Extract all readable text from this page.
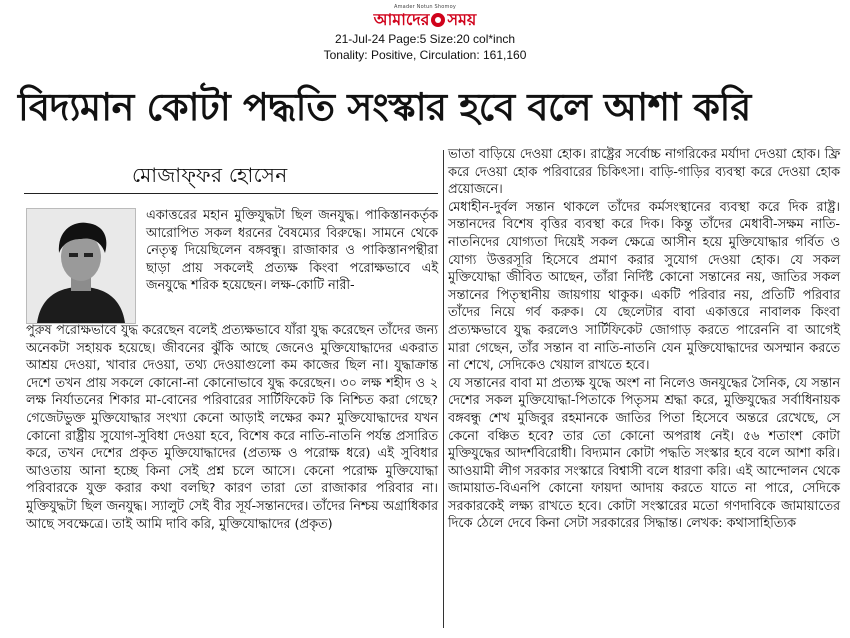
Amader Notun Shomoy
আমাদের সময়
21-Jul-24 Page:5 Size:20 col*inch
Tonality: Positive, Circulation: 161,160
বিদ্যমান কোটা পদ্ধতি সংস্কার হবে বলে আশা করি
মোজাফ্ফর হোসেন

একাত্তরের মহান মুক্তিযুদ্ধটা ছিল জনযুদ্ধ। পাকিস্তানকর্তৃক আরোপিত সকল ধরনের বৈষম্যের বিরুদ্ধে। সামনে থেকে নেতৃত্ব দিয়েছিলেন বঙ্গবন্ধু। রাজাকার ও পাকিস্তানপন্থীরা ছাড়া প্রায় সকলেই প্রত্যক্ষ কিংবা পরোক্ষভাবে এই জনযুদ্ধে শরিক হয়েছেন। লক্ষ-কোটি নারী-

পুরুষ পরোক্ষভাবে যুদ্ধ করেছেন বলেই প্রত্যক্ষভাবে যাঁরা যুদ্ধ করেছেন তাঁদের জন্য অনেকটা সহায়ক হয়েছে। জীবনের ঝুঁকি আছে জেনেও মুক্তিযোদ্ধাদের একরাত আশ্রয় দেওয়া, খাবার দেওয়া, তথ্য দেওয়াগুলো কম কাজের ছিল না। যুদ্ধাক্রান্ত দেশে তখন প্রায় সকলে কোনো-না কোনোভাবে যুদ্ধ করেছেন। ৩০ লক্ষ শহীদ ও ২ লক্ষ নির্যাতনের শিকার মা-বোনের পরিবারের সার্টিফিকেট কি নিশ্চিত করা গেছে? গেজেটভুক্ত মুক্তিযোদ্ধার সংখ্যা কেনো আড়াই লক্ষের কম? মুক্তিযোদ্ধাদের যখন কোনো রাষ্ট্রীয় সুযোগ-সুবিধা দেওয়া হবে, বিশেষ করে নাতি-নাতনি পর্যন্ত প্রসারিত করে, তখন দেশের প্রকৃত মুক্তিযোদ্ধাদের (প্রত্যক্ষ ও পরোক্ষ ধরে) এই সুবিধার আওতায় আনা হচ্ছে কিনা সেই প্রশ্ন চলে আসে। কেনো পরোক্ষ মুক্তিযোদ্ধা পরিবারকে যুক্ত করার কথা বলছি? কারণ তারা তো রাজাকার পরিবার না। মুক্তিযুদ্ধটা ছিল জনযুদ্ধ। স্যালুট সেই বীর সূর্য-সন্তানদের। তাঁদের নিশ্চয় অগ্রাধিকার আছে সবক্ষেত্রে। তাই আমি দাবি করি, মুক্তিযোদ্ধাদের (প্রকৃত)

ভাতা বাড়িয়ে দেওয়া হোক। রাষ্ট্রের সর্বোচ্চ নাগরিকের মর্যাদা দেওয়া হোক। ফ্রি করে দেওয়া হোক পরিবারের চিকিৎসা। বাড়ি-গাড়ির ব্যবস্থা করে দেওয়া হোক প্রয়োজনে।

মেধাহীন-দুর্বল সন্তান থাকলে তাঁদের কর্মসংস্থানের ব্যবস্থা করে দিক রাষ্ট্র। সন্তানদের বিশেষ বৃত্তির ব্যবস্থা করে দিক। কিন্তু তাঁদের মেধাবী-সক্ষম নাতি-নাতনিদের যোগ্যতা দিয়েই সকল ক্ষেত্রে আসীন হয়ে মুক্তিযোদ্ধার গর্বিত ও যোগ্য উত্তরসূরি হিসেবে প্রমাণ করার সুযোগ দেওয়া হোক। যে সকল মুক্তিযোদ্ধা জীবিত আছেন, তাঁরা নির্দিষ্ট কোনো সন্তানের নয়, জাতির সকল সন্তানের পিতৃস্থানীয় জায়গায় থাকুক। একটি পরিবার নয়, প্রতিটি পরিবার তাঁদের নিয়ে গর্ব করুক। যে ছেলেটার বাবা একাত্তরে নাবালক কিংবা প্রত্যক্ষভাবে যুদ্ধ করলেও সার্টিফিকেট জোগাড় করতে পারেননি বা আগেই মারা গেছেন, তাঁর সন্তান বা নাতি-নাতনি যেন মুক্তিযোদ্ধাদের অসম্মান করতে না শেখে, সেদিকেও খেয়াল রাখতে হবে।

যে সন্তানের বাবা মা প্রত্যক্ষ যুদ্ধে অংশ না নিলেও জনযুদ্ধের সৈনিক, যে সন্তান দেশের সকল মুক্তিযোদ্ধা-পিতাকে পিতৃসম শ্রদ্ধা করে, মুক্তিযুদ্ধের সর্বাধিনায়ক বঙ্গবন্ধু শেখ মুজিবুর রহমানকে জাতির পিতা হিসেবে অন্তরে রেখেছে, সে কেনো বঞ্চিত হবে? তার তো কোনো অপরাধ নেই। ৫৬ শতাংশ কোটা মুক্তিযুদ্ধের আদর্শবিরোধী। বিদ্যমান কোটা পদ্ধতি সংস্কার হবে বলে আশা করি। আওয়ামী লীগ সরকার সংস্কারে বিশ্বাসী বলে ধারণা করি। এই আন্দোলন থেকে জামায়াত-বিএনপি কোনো ফায়দা আদায় করতে যাতে না পারে, সেদিকে সরকারকেই লক্ষ্য রাখতে হবে। কোটা সংস্কারের মতো গণদাবিকে জামায়াতের দিকে ঠেলে দেবে কিনা সেটা সরকারের সিদ্ধান্ত। লেখক: কথাসাহিত্যিক
